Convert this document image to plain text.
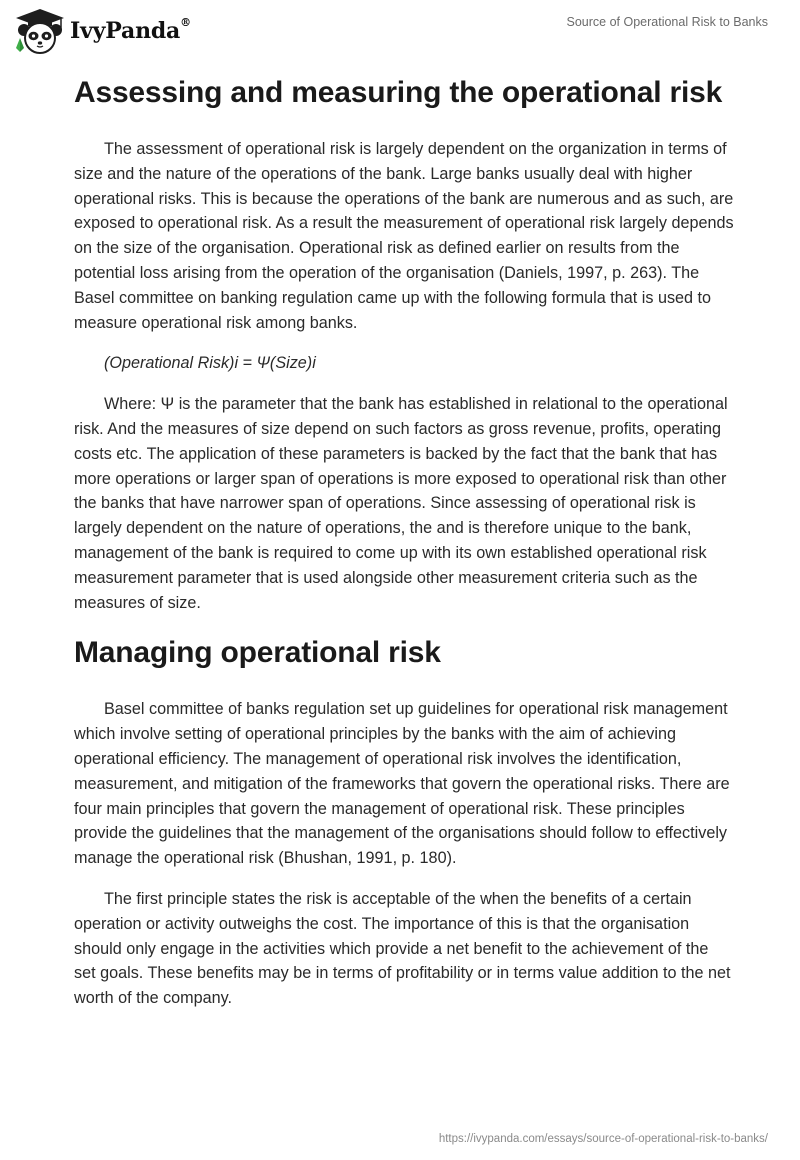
IvyPanda®	Source of Operational Risk to Banks
Assessing and measuring the operational risk

The assessment of operational risk is largely dependent on the organization in terms of size and the nature of the operations of the bank. Large banks usually deal with higher operational risks. This is because the operations of the bank are numerous and as such, are exposed to operational risk. As a result the measurement of operational risk largely depends on the size of the organisation. Operational risk as defined earlier on results from the potential loss arising from the operation of the organisation (Daniels, 1997, p. 263). The Basel committee on banking regulation came up with the following formula that is used to measure operational risk among banks.

(Operational Risk)i = Ψ(Size)i

Where: Ψ is the parameter that the bank has established in relational to the operational risk. And the measures of size depend on such factors as gross revenue, profits, operating costs etc. The application of these parameters is backed by the fact that the bank that has more operations or larger span of operations is more exposed to operational risk than other the banks that have narrower span of operations. Since assessing of operational risk is largely dependent on the nature of operations, the and is therefore unique to the bank, management of the bank is required to come up with its own established operational risk measurement parameter that is used alongside other measurement criteria such as the measures of size.

Managing operational risk

Basel committee of banks regulation set up guidelines for operational risk management which involve setting of operational principles by the banks with the aim of achieving operational efficiency. The management of operational risk involves the identification, measurement, and mitigation of the frameworks that govern the operational risks. There are four main principles that govern the management of operational risk. These principles provide the guidelines that the management of the organisations should follow to effectively manage the operational risk (Bhushan, 1991, p. 180).

The first principle states the risk is acceptable of the when the benefits of a certain operation or activity outweighs the cost. The importance of this is that the organisation should only engage in the activities which provide a net benefit to the achievement of the set goals. These benefits may be in terms of profitability or in terms value addition to the net worth of the company.

https://ivypanda.com/essays/source-of-operational-risk-to-banks/
